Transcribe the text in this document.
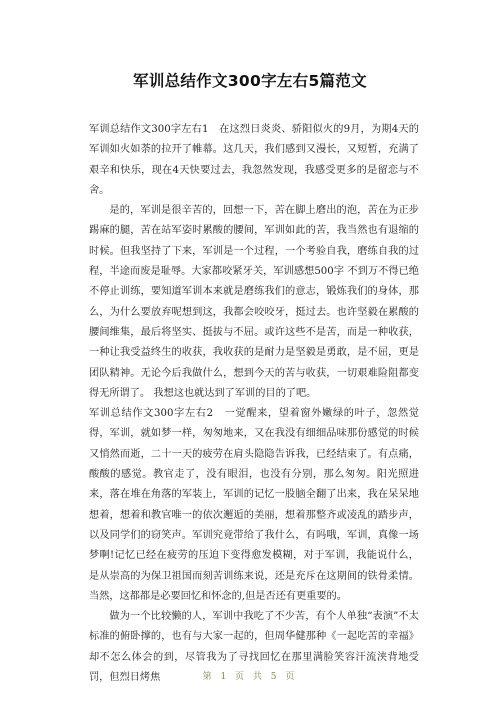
军训总结作文300字左右5篇范文

军训总结作文300字左右1　在这烈日炎炎、骄阳似火的9月，为期4天的军训如火如荼的拉开了帷幕。这几天，我们感到又漫长，又短暂，充满了艰辛和快乐，现在4天快要过去，我忽然发现，我感受更多的是留恋与不舍。

是的，军训是很辛苦的，回想一下，苦在脚上磨出的泡，苦在为正步踢麻的腿，苦在站军姿时累酸的腰间，军训如此的苦，我当然也有退缩的时候。但我坚持了下来，军训是一个过程，一个考验自我，磨练自我的过程，半途而废是耻辱。大家都咬紧牙关，军训感想500字 不到万不得已绝不停止训练，要知道军训本来就是磨练我们的意志，锻炼我们的身体，那么，为什么要放弃呢想到这，我都会咬咬牙，挺过去。也许坚毅在累酸的腰间维集，最后将坚实、挺拔与不屈。或许这些不是苦，而是一种收获，一种让我受益终生的收获，我收获的是耐力是坚毅是勇敢，是不屈，更是团队精神。无论今后我做什么，想到今天的苦与收获，一切艰难险阻都变得无所谓了。 我想这也就达到了军训的目的了吧。

军训总结作文300字左右2　一觉醒来，望着窗外嫩绿的叶子，忽然觉得，军训，就如梦一样，匆匆地来，又在我没有细细品味那份感觉的时候又悄然而逝，二十一天的疲劳在肩头隐隐告诉我，已经结束了。有点痛，酸酸的感觉。教官走了，没有眼泪，也没有分别，那么匆匆。阳光照进来，落在堆在角落的军装上，军训的记忆一股脑全翻了出来，我在呆呆地想着，想着和教官唯一的依次邂逅的美丽，想着那整齐或凌乱的踏步声，以及同学们的窃笑声。军训究竟带给了我什么，有吗哦，军训，真像一场梦啊!记忆已经在疲劳的压迫下变得愈发模糊，对于军训，我能说什么，是从崇高的为保卫祖国而刻苦训练来说，还是充斥在这期间的铁骨柔情。当然，这都都是必要回忆和怀念的,但是否还有更重要的。

做为一个比较懒的人，军训中我吃了不少苦，有个人单独“表演”不太标准的俯卧撑的，也有与大家一起的，但周华健那种《一起吃苦的幸福》却不怎么体会的到，尽管我为了寻找回忆在那里满脸笑容汗流浃背地受罚，但烈日烤焦	第 1 页 共 5 页
